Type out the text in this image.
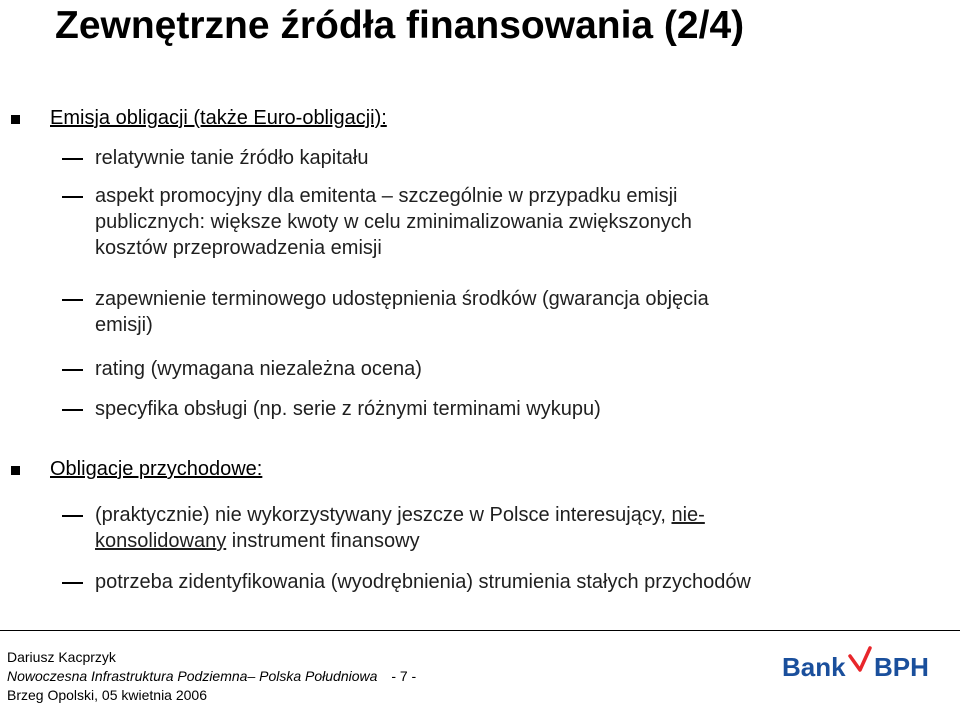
Zewnętrzne źródła finansowania (2/4)
Emisja obligacji (także Euro-obligacji):
relatywnie tanie źródło kapitału
aspekt promocyjny dla emitenta – szczególnie w przypadku emisji
publicznych: większe kwoty w celu zminimalizowania zwiększonych
kosztów przeprowadzenia emisji
zapewnienie terminowego udostępnienia środków (gwarancja objęcia
emisji)
rating (wymagana niezależna ocena)
specyfika obsługi (np. serie z różnymi terminami wykupu)
Obligacje przychodowe:
(praktycznie) nie wykorzystywany jeszcze w Polsce interesujący, nie-
konsolidowany instrument finansowy
potrzeba zidentyfikowania (wyodrębnienia) strumienia stałych przychodów
Dariusz Kacprzyk
Nowoczesna Infrastruktura Podziemna– Polska Południowa - 7 -
Brzeg Opolski, 05 kwietnia 2006
Bank BPH
